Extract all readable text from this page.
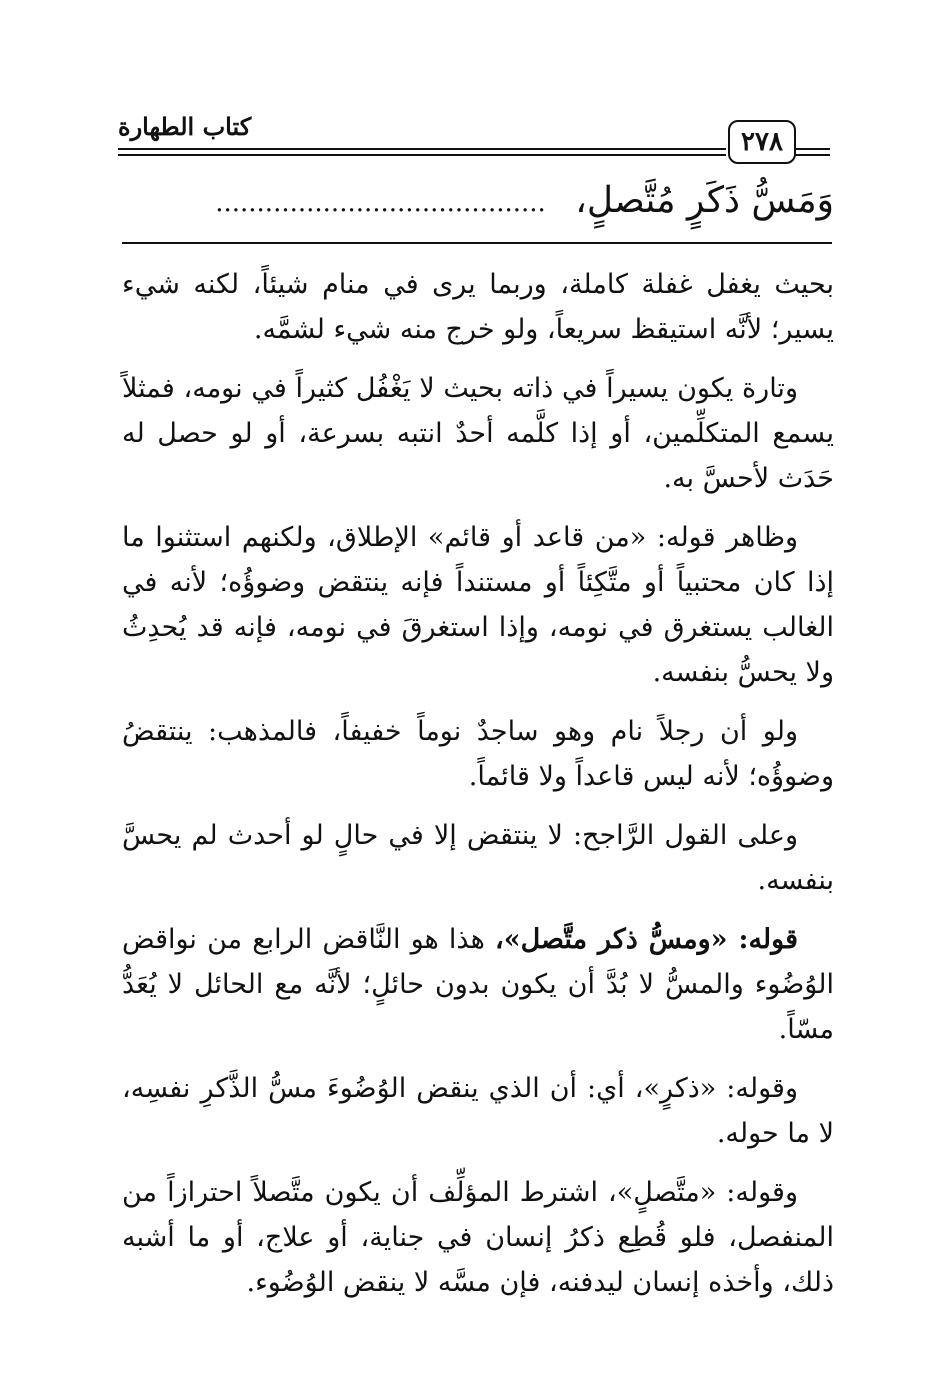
كتاب الطهارة
٢٧٨
وَمَسُّ ذَكَرٍ مُتَّصلٍ، ........................................

بحيث يغفل غفلة كاملة، وربما يرى في منام شيئاً، لكنه شيء يسير؛ لأنَّه استيقظ سريعاً، ولو خرج منه شيء لشمَّه.

وتارة يكون يسيراً في ذاته بحيث لا يَغْفُل كثيراً في نومه، فمثلاً يسمع المتكلِّمين، أو إذا كلَّمه أحدٌ انتبه بسرعة، أو لو حصل له حَدَث لأحسَّ به.

وظاهر قوله: «من قاعد أو قائم» الإطلاق، ولكنهم استثنوا ما إذا كان محتبياً أو متَّكِئاً أو مستنداً فإنه ينتقض وضوؤُه؛ لأنه في الغالب يستغرق في نومه، وإذا استغرقَ في نومه، فإنه قد يُحدِثُ ولا يحسُّ بنفسه.

ولو أن رجلاً نام وهو ساجدٌ نوماً خفيفاً، فالمذهب: ينتقضُ وضوؤُه؛ لأنه ليس قاعداً ولا قائماً.

وعلى القول الرَّاجح: لا ينتقض إلا في حالٍ لو أحدث لم يحسَّ بنفسه.

قوله: «ومسُّ ذكر متَّصل»، هذا هو النَّاقض الرابع من نواقض الوُضُوء والمسُّ لا بُدَّ أن يكون بدون حائلٍ؛ لأنَّه مع الحائل لا يُعَدُّ مسّاً.

وقوله: «ذكرٍ»، أي: أن الذي ينقض الوُضُوءَ مسُّ الذَّكرِ نفسِه، لا ما حوله.

وقوله: «متَّصلٍ»، اشترط المؤلِّف أن يكون متَّصلاً احترازاً من المنفصل، فلو قُطِع ذكرُ إنسان في جناية، أو علاج، أو ما أشبه ذلك، وأخذه إنسان ليدفنه، فإن مسَّه لا ينقض الوُضُوء.
